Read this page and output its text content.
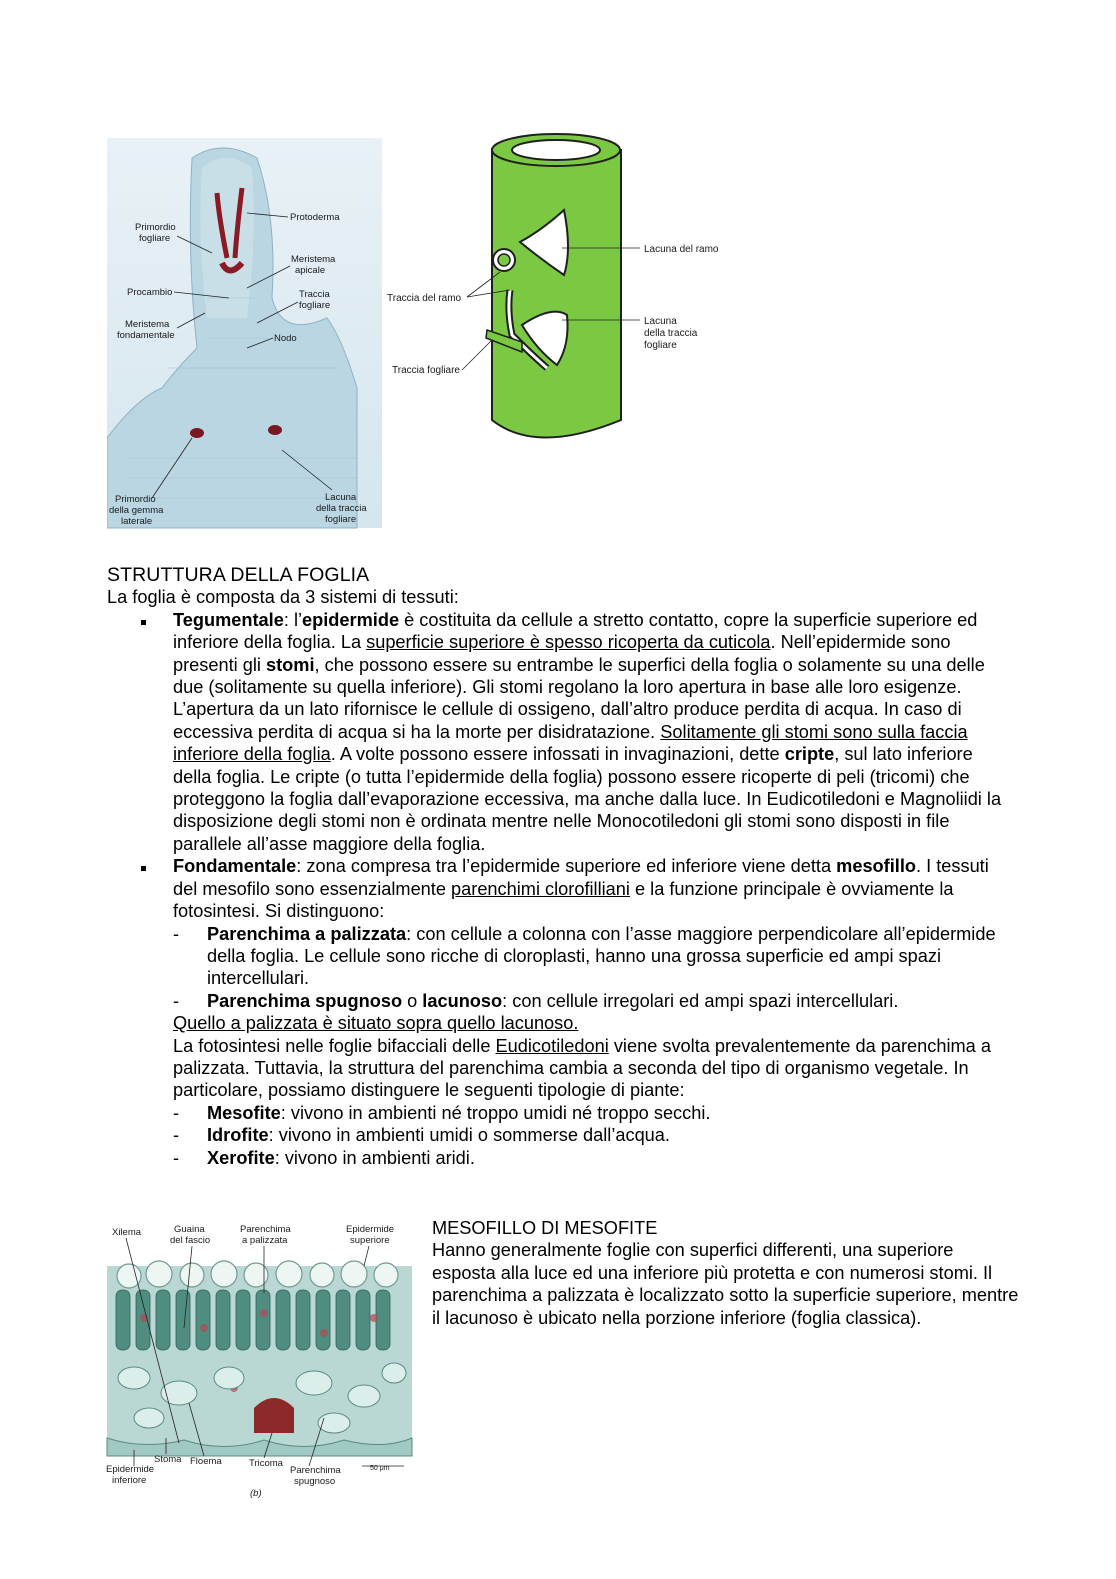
Primordio
fogliare
Protoderma
Meristema
apicale
Procambio	Traccia
fogliare
Meristema
fondamentale	Nodo
Primordio
della gemma
laterale
Lacuna
della traccia
fogliare
Lacuna del ramo
Traccia del ramo
Lacuna
della traccia
fogliare
Traccia fogliare

STRUTTURA DELLA FOGLIA

La foglia è composta da 3 sistemi di tessuti:

Tegumentale: l’epidermide è costituita da cellule a stretto contatto, copre la superficie superiore ed inferiore della foglia. La superficie superiore è spesso ricoperta da cuticola. Nell’epidermide sono presenti gli stomi, che possono essere su entrambe le superfici della foglia o solamente su una delle due (solitamente su quella inferiore). Gli stomi regolano la loro apertura in base alle loro esigenze. L’apertura da un lato rifornisce le cellule di ossigeno, dall’altro produce perdita di acqua. In caso di eccessiva perdita di acqua si ha la morte per disidratazione. Solitamente gli stomi sono sulla faccia inferiore della foglia. A volte possono essere infossati in invaginazioni, dette cripte, sul lato inferiore della foglia. Le cripte (o tutta l’epidermide della foglia) possono essere ricoperte di peli (tricomi) che proteggono la foglia dall’evaporazione eccessiva, ma anche dalla luce. In Eudicotiledoni e Magnoliidi la disposizione degli stomi non è ordinata mentre nelle Monocotiledoni gli stomi sono disposti in file parallele all’asse maggiore della foglia.
Fondamentale: zona compresa tra l’epidermide superiore ed inferiore viene detta mesofillo. I tessuti del mesofilo sono essenzialmente parenchimi clorofilliani e la funzione principale è ovviamente la fotosintesi. Si distinguono:
- Parenchima a palizzata: con cellule a colonna con l’asse maggiore perpendicolare all’epidermide della foglia. Le cellule sono ricche di cloroplasti, hanno una grossa superficie ed ampi spazi intercellulari.
- Parenchima spugnoso o lacunoso: con cellule irregolari ed ampi spazi intercellulari.

Quello a palizzata è situato sopra quello lacunoso.

La fotosintesi nelle foglie bifacciali delle Eudicotiledoni viene svolta prevalentemente da parenchima a palizzata. Tuttavia, la struttura del parenchima cambia a seconda del tipo di organismo vegetale. In particolare, possiamo distinguere le seguenti tipologie di piante:

- Mesofite: vivono in ambienti né troppo umidi né troppo secchi.
- Idrofite: vivono in ambienti umidi o sommerse dall’acqua.
- Xerofite: vivono in ambienti aridi.
Xilema	Guaina
del fascio
Parenchima
a palizzata
Epidermide
superiore
Stoma Floema	Tricoma
Epidermide
inferiore
Parenchima
spugnoso
50 μm
(b)

MESOFILLO DI MESOFITE

Hanno generalmente foglie con superfici differenti, una superiore esposta alla luce ed una inferiore più protetta e con numerosi stomi. Il parenchima a palizzata è localizzato sotto la superficie superiore, mentre il lacunoso è ubicato nella porzione inferiore (foglia classica).
